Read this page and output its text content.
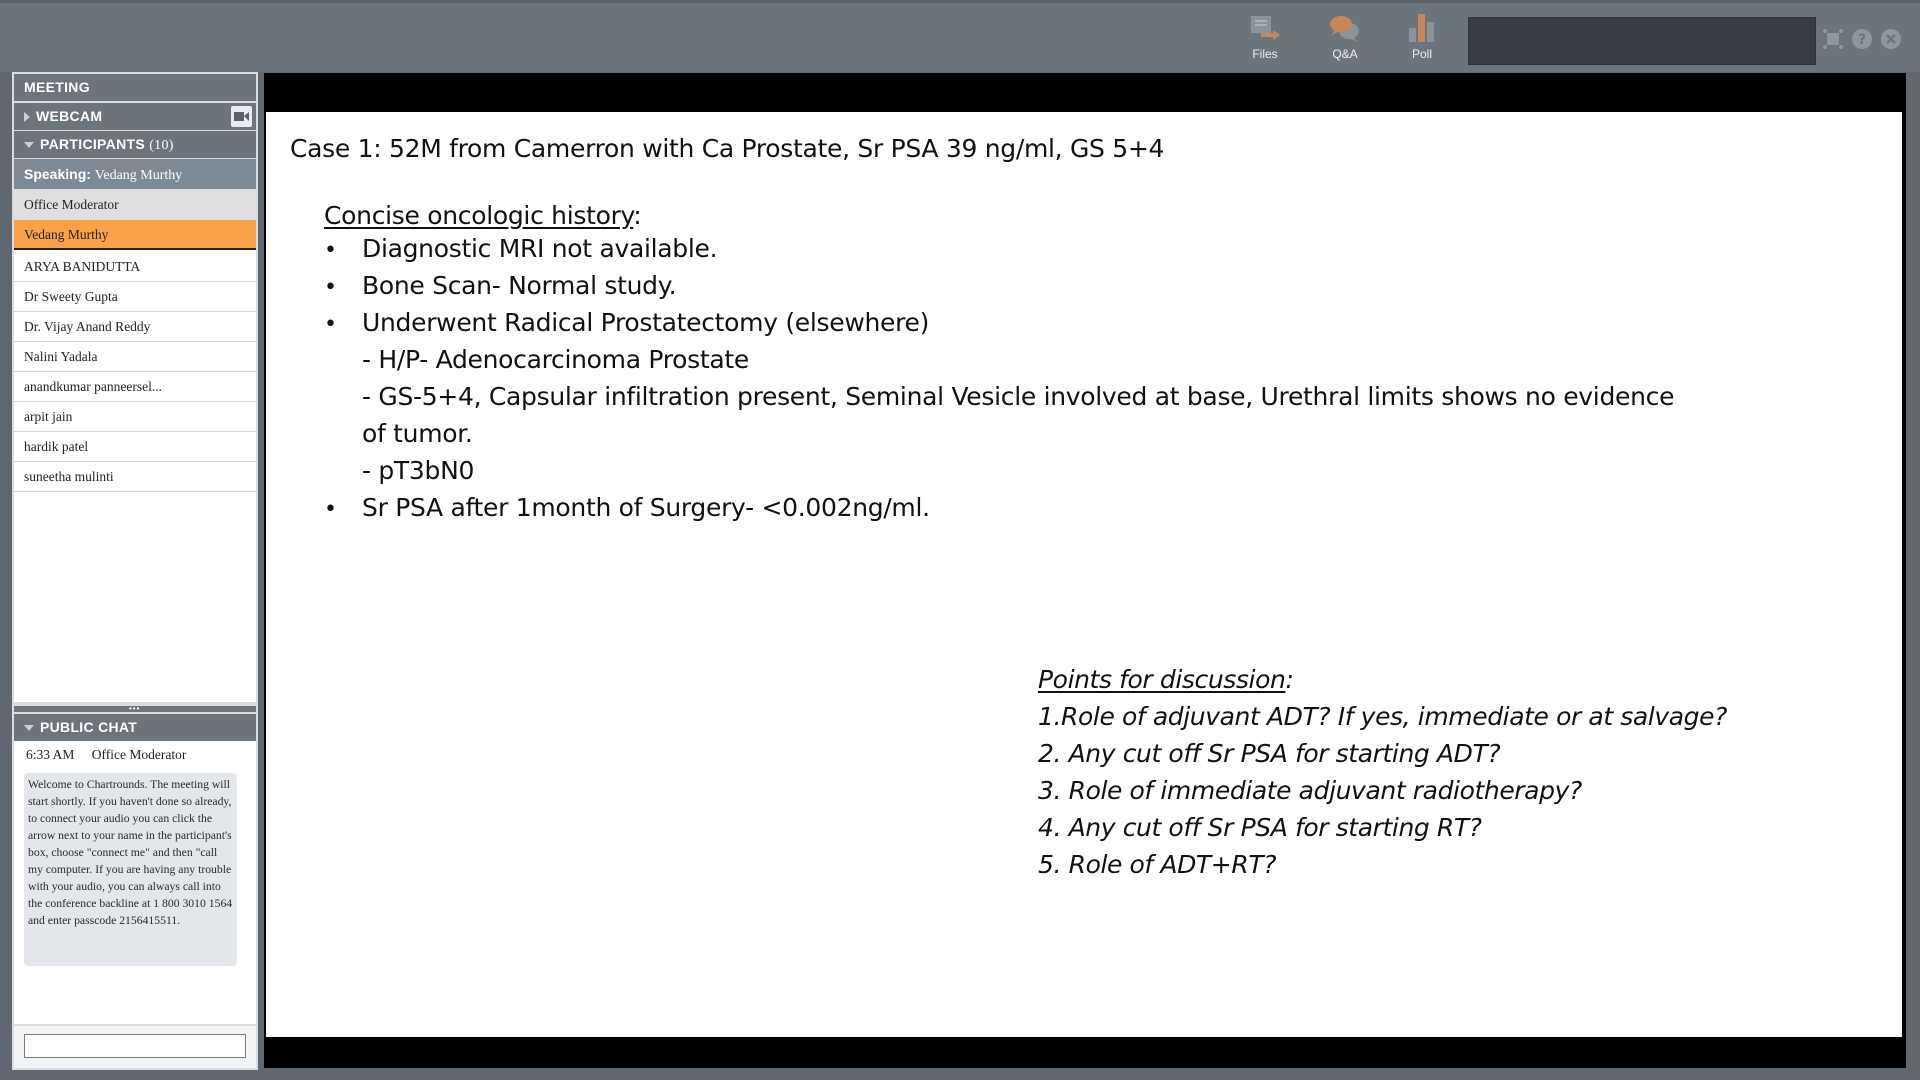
Files	Q&A	Poll
?
MEETING
WEBCAM
PARTICIPANTS (10)
Speaking: Vedang Murthy
Office Moderator
Vedang Murthy
ARYA BANIDUTTA
Dr Sweety Gupta
Dr. Vijay Anand Reddy
Nalini Yadala
anandkumar panneersel...
arpit jain
hardik patel
suneetha mulinti
•••
PUBLIC CHAT
6:33 AM Office Moderator
Welcome to Chartrounds. The meeting will start shortly. If you haven't done so already, to connect your audio you can click the arrow next to your name in the participant's box, choose "connect me" and then "call my computer. If you are having any trouble with your audio, you can always call into the conference backline at 1 800 3010 1564 and enter passcode 2156415511.
Case 1: 52M from Camerron with Ca Prostate, Sr PSA 39 ng/ml, GS 5+4
Concise oncologic history:
• Diagnostic MRI not available.
• Bone Scan- Normal study.
• Underwent Radical Prostatectomy (elsewhere)
- H/P- Adenocarcinoma Prostate
- GS-5+4, Capsular infiltration present, Seminal Vesicle involved at base, Urethral limits shows no evidence
of tumor.
- pT3bN0
• Sr PSA after 1month of Surgery- <0.002ng/ml.
Points for discussion:
1.Role of adjuvant ADT? If yes, immediate or at salvage?
2. Any cut off Sr PSA for starting ADT?
3. Role of immediate adjuvant radiotherapy?
4. Any cut off Sr PSA for starting RT?
5. Role of ADT+RT?
